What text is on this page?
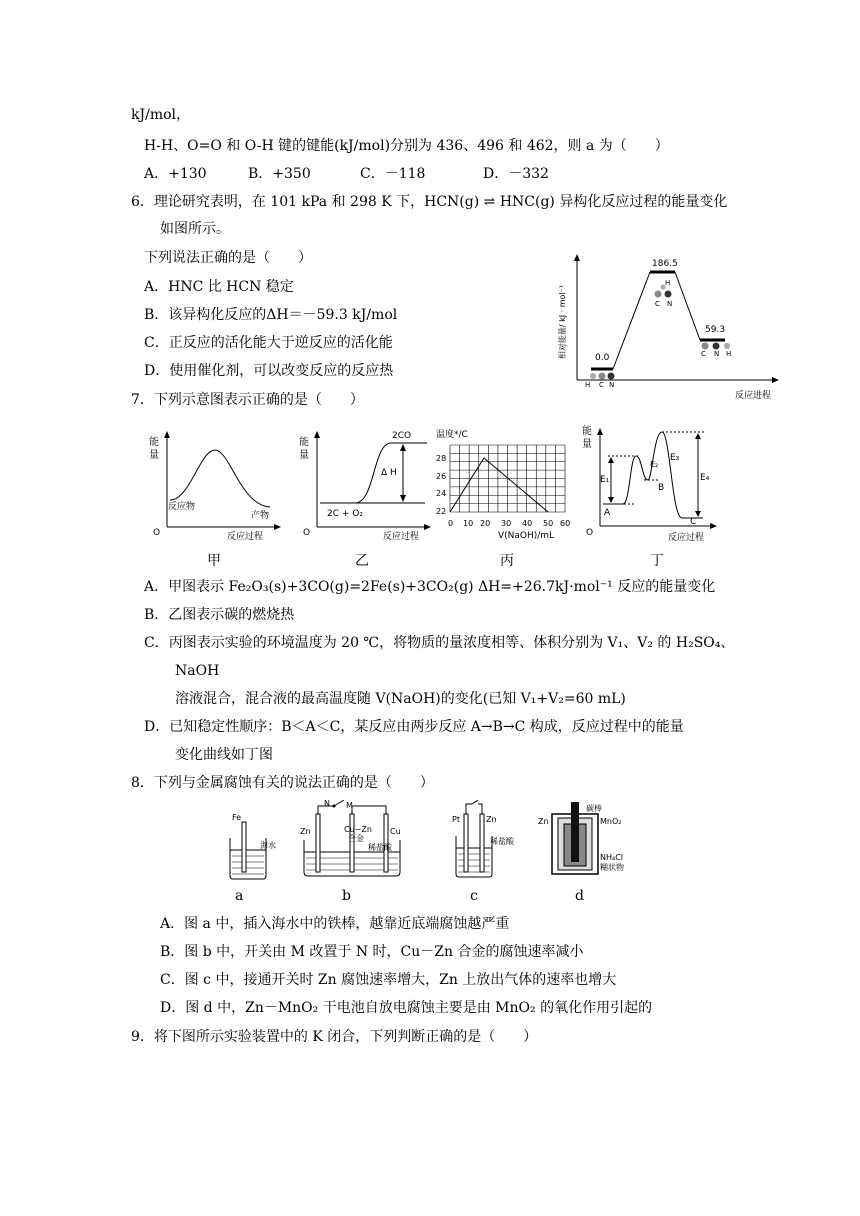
kJ/mol，
H-H、O=O 和 O-H 键的键能(kJ/mol)分别为 436、496 和 462，则 a 为（　　）
A．+130	B．+350	C．－118	D．－332
6．理论研究表明，在 101 kPa 和 298 K 下，HCN(g) ⇌ HNC(g) 异构化反应过程的能量变化
如图所示。
下列说法正确的是（　　）
A．HNC 比 HCN 稳定
B．该异构化反应的ΔH＝－59.3 kJ/mol
C．正反应的活化能大于逆反应的活化能
D．使用催化剂，可以改变反应的反应热
相对能量/ kJ · mol⁻¹
反应进程
0.0
186.5
59.3
H C N
H
C N
C N H
7．下列示意图表示正确的是（　　）
能
量
反应物
产物
O	反应过程
甲
能
量
2CO
Δ H
2C + O₂
O	反应过程
乙
温度*/C
28
26
24
22
0 10 20 30 40 50 60
V(NaOH)/mL
丙
能
量
E₁
E₂
E₃
E₄
A
B
C
O	反应过程
丁
A．甲图表示 Fe₂O₃(s)+3CO(g)=2Fe(s)+3CO₂(g) ΔH=+26.7kJ·mol⁻¹ 反应的能量变化
B．乙图表示碳的燃烧热
C．丙图表示实验的环境温度为 20 ℃，将物质的量浓度相等、体积分别为 V₁、V₂ 的 H₂SO₄、
NaOH
溶液混合，混合液的最高温度随 V(NaOH)的变化(已知 V₁+V₂=60 mL)
D．已知稳定性顺序：B＜A＜C，某反应由两步反应 A→B→C 构成，反应过程中的能量
变化曲线如丁图
8．下列与金属腐蚀有关的说法正确的是（　　）
Fe
海水
a
N M
Zn	Cu−Zn
合金
Cu
稀盐酸
b
Pt	Zn
稀盐酸
c
碳棒
Zn	MnO₂
NH₄Cl
糊状物
d
A．图 a 中，插入海水中的铁棒，越靠近底端腐蚀越严重
B．图 b 中，开关由 M 改置于 N 时，Cu－Zn 合金的腐蚀速率减小
C．图 c 中，接通开关时 Zn 腐蚀速率增大，Zn 上放出气体的速率也增大
D．图 d 中，Zn－MnO₂ 干电池自放电腐蚀主要是由 MnO₂ 的氧化作用引起的
9．将下图所示实验装置中的 K 闭合，下列判断正确的是（　　）
